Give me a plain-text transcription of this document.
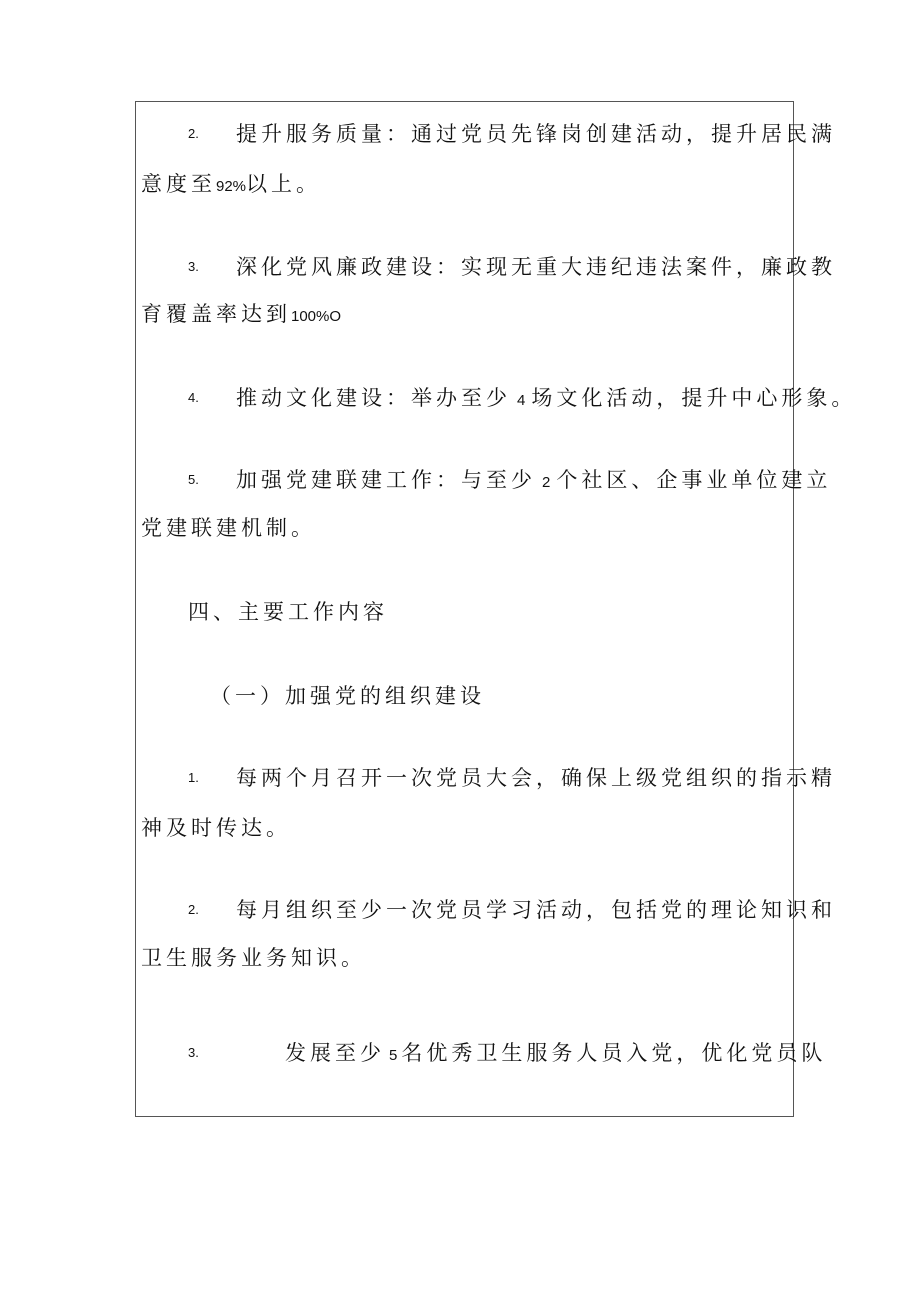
2. 提升服务质量：通过党员先锋岗创建活动，提升居民满
意度至92%以上。
3. 深化党风廉政建设：实现无重大违纪违法案件，廉政教
育覆盖率达到100%O
4. 推动文化建设：举办至少 4 场文化活动，提升中心形象。
5. 加强党建联建工作：与至少 2 个社区、企事业单位建立
党建联建机制。
四、主要工作内容
（一）加强党的组织建设
1. 每两个月召开一次党员大会，确保上级党组织的指示精
神及时传达。
2. 每月组织至少一次党员学习活动，包括党的理论知识和
卫生服务业务知识。
3.	发展至少 5 名优秀卫生服务人员入党，优化党员队
